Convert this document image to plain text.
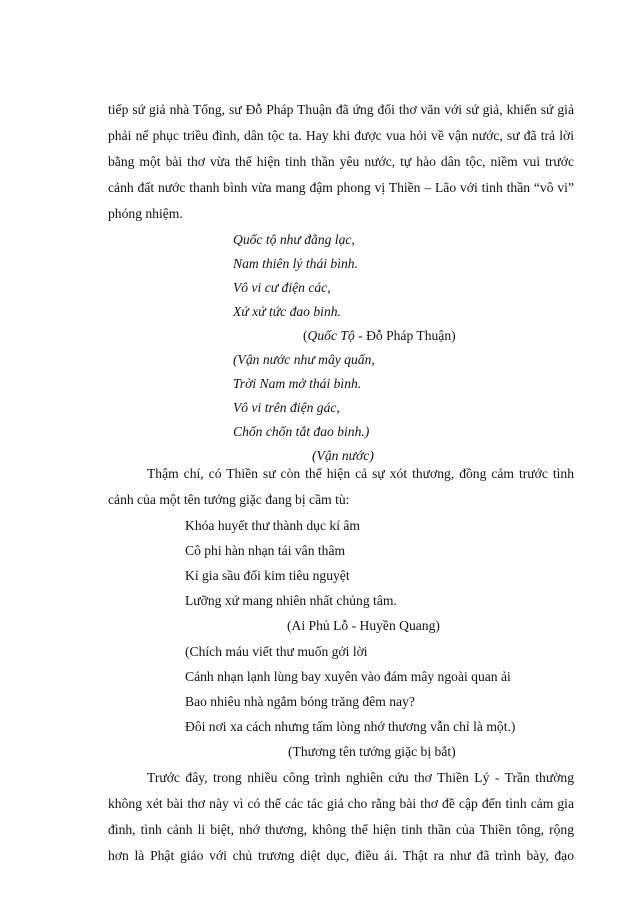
tiếp sứ giả nhà Tống, sư Đỗ Pháp Thuận đã ứng đối thơ văn với sứ giả, khiến sứ giả
phải nể phục triều đình, dân tộc ta. Hay khi được vua hỏi về vận nước, sư đã trả lời
bằng một bài thơ vừa thể hiện tinh thần yêu nước, tự hào dân tộc, niềm vui trước
cảnh đất nước thanh bình vừa mang đậm phong vị Thiền – Lão với tinh thần “vô vi”
phóng nhiệm.
Quốc tộ như đằng lạc,
Nam thiên lý thái bình.
Vô vi cư điện các,
Xứ xứ tức đao binh.
(Quốc Tộ - Đỗ Pháp Thuận)
(Vận nước như mây quấn,
Trời Nam mở thái bình.
Vô vi trên điện gác,
Chốn chốn tắt đao binh.)
(Vận nước)
Thậm chí, có Thiền sư còn thể hiện cả sự xót thương, đồng cảm trước tình
cảnh của một tên tướng giặc đang bị cầm tù:
Khóa huyết thư thành dục kí âm
Cô phi hàn nhạn tái vân thâm
Kỉ gia sầu đối kim tiêu nguyệt
Lưỡng xứ mang nhiên nhất chủng tâm.
(Ai Phủ Lỗ - Huyền Quang)
(Chích máu viết thư muốn gởi lời
Cánh nhạn lạnh lùng bay xuyên vào đám mây ngoài quan ải
Bao nhiêu nhà ngắm bóng trăng đêm nay?
Đôi nơi xa cách nhưng tấm lòng nhớ thương vẫn chỉ là một.)
(Thương tên tướng giặc bị bắt)
Trước đây, trong nhiều công trình nghiên cứu thơ Thiền Lý - Trần thường
không xét bài thơ này vì có thể các tác giả cho rằng bài thơ đề cập đến tình cảm gia
đình, tình cảnh li biệt, nhớ thương, không thể hiện tinh thần của Thiền tông, rộng
hơn là Phật giáo với chủ trương diệt dục, điều ái. Thật ra như đã trình bày, đạo
